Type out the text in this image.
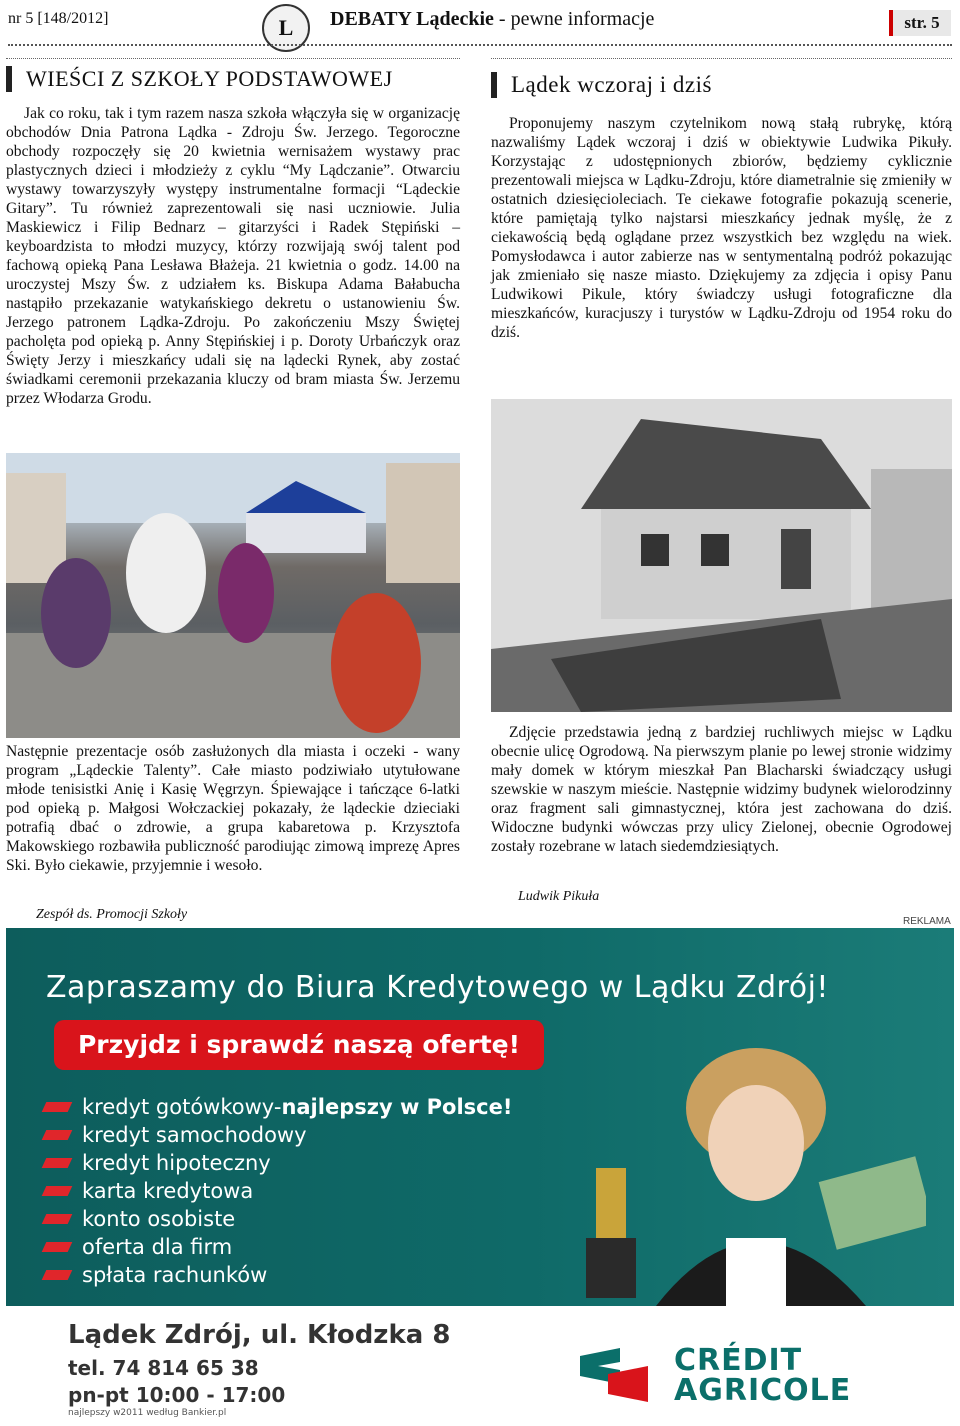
nr 5 [148/2012]	L	DEBATY Lądeckie - pewne informacje	str. 5
WIEŚCI Z SZKOŁY PODSTAWOWEJ

Jak co roku, tak i tym razem nasza szkoła włączyła się w organizację obchodów Dnia Patrona Lądka - Zdroju Św. Jerzego. Tegoroczne obchody rozpoczęły się 20 kwietnia wernisażem wystawy prac plastycznych dzieci i młodzieży z cyklu “My Lądczanie”. Otwarciu wystawy towarzyszyły występy instrumentalne formacji “Lądeckie Gitary”. Tu również zaprezentowali się nasi uczniowie. Julia Maskiewicz i Filip Bednarz – gitarzyści i Radek Stępiński – keyboardzista to młodzi muzycy, którzy rozwijają swój talent pod fachową opieką Pana Lesława Błażeja. 21 kwietnia o godz. 14.00 na uroczystej Mszy Św. z udziałem ks. Biskupa Adama Bałabucha nastąpiło przekazanie watykańskiego dekretu o ustanowieniu Św. Jerzego patronem Lądka-Zdroju. Po zakończeniu Mszy Świętej pacholęta pod opieką p. Anny Stępińskiej i p. Doroty Urbańczyk oraz Święty Jerzy i mieszkańcy udali się na lądecki Rynek, aby zostać świadkami ceremonii przekazania kluczy od bram miasta Św. Jerzemu przez Włodarza Grodu.

Następnie prezentacje osób zasłużonych dla miasta i oczeki - wany program „Lądeckie Talenty”. Całe miasto podziwiało utytułowane młode tenisistki Anię i Kasię Węgrzyn. Śpiewające i tańczące 6-latki pod opieką p. Małgosi Wołczackiej pokazały, że lądeckie dzieciaki potrafią dbać o zdrowie, a grupa kabaretowa p. Krzysztofa Makowskiego rozbawiła publiczność parodiując zimową imprezę Apres Ski. Było ciekawie, przyjemnie i wesoło.

Zespół ds. Promocji Szkoły
Lądek wczoraj i dziś

Proponujemy naszym czytelnikom nową stałą rubrykę, którą nazwaliśmy Lądek wczoraj i dziś w obiektywie Ludwika Pikuły. Korzystając z udostępnionych zbiorów, będziemy cyklicznie prezentowali miejsca w Lądku-Zdroju, które diametralnie się zmieniły w ostatnich dziesięcioleciach. Te ciekawe fotografie pokazują scenerie, które pamiętają tylko najstarsi mieszkańcy jednak myślę, że z ciekawością będą oglądane przez wszystkich bez względu na wiek. Pomysłodawca i autor zabierze nas w sentymentalną podróż pokazując jak zmieniało się nasze miasto. Dziękujemy za zdjęcia i opisy Panu Ludwikowi Pikule, który świadczy usługi fotograficzne dla mieszkańców, kuracjuszy i turystów w Lądku-Zdroju od 1954 roku do dziś.

Zdjęcie przedstawia jedną z bardziej ruchliwych miejsc w Lądku obecnie ulicę Ogrodową. Na pierwszym planie po lewej stronie widzimy mały domek w którym mieszkał Pan Blacharski świadczący usługi szewskie w naszym mieście. Następnie widzimy budynek wielorodzinny oraz fragment sali gimnastycznej, która jest zachowana do dziś. Widoczne budynki wówczas przy ulicy Zielonej, obecnie Ogrodowej zostały rozebrane w latach siedemdziesiątych.

Ludwik Pikuła
REKLAMA
Zapraszamy do Biura Kredytowego w Lądku Zdrój!
Przyjdz i sprawdź naszą ofertę!
kredyt gotówkowy- najlepszy w Polsce!
kredyt samochodowy
kredyt hipoteczny
karta kredytowa
konto osobiste
oferta dla firm
spłata rachunków
Lądek Zdrój, ul. Kłodzka 8
tel. 74 814 65 38
pn-pt 10:00 - 17:00
najlepszy w2011 według Bankier.pl
CRÉDIT
AGRICOLE
